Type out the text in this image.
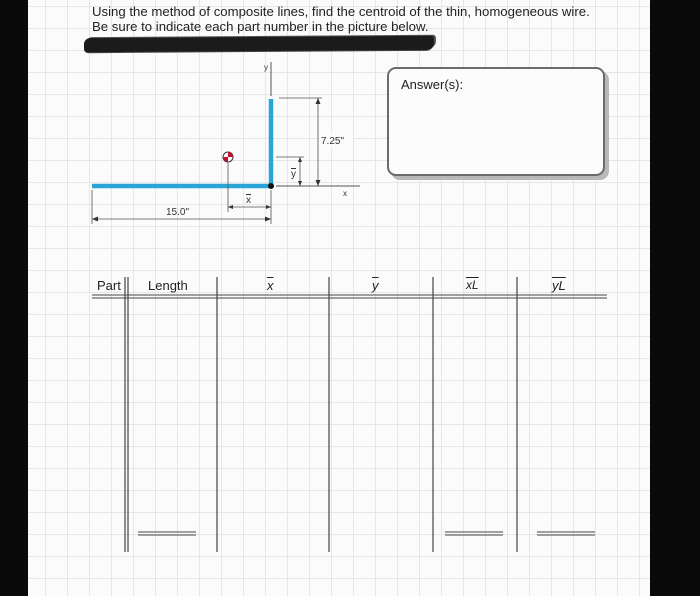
Using the method of composite lines, find the centroid of the thin, homogeneous wire.
Be sure to indicate each part number in the picture below.
y
x
7.25"
y
x
15.0"
Answer(s):
Part Length	$\overline{x}$	$\overline{y}$	$\overline{xL}$	$\overline{yL}$
